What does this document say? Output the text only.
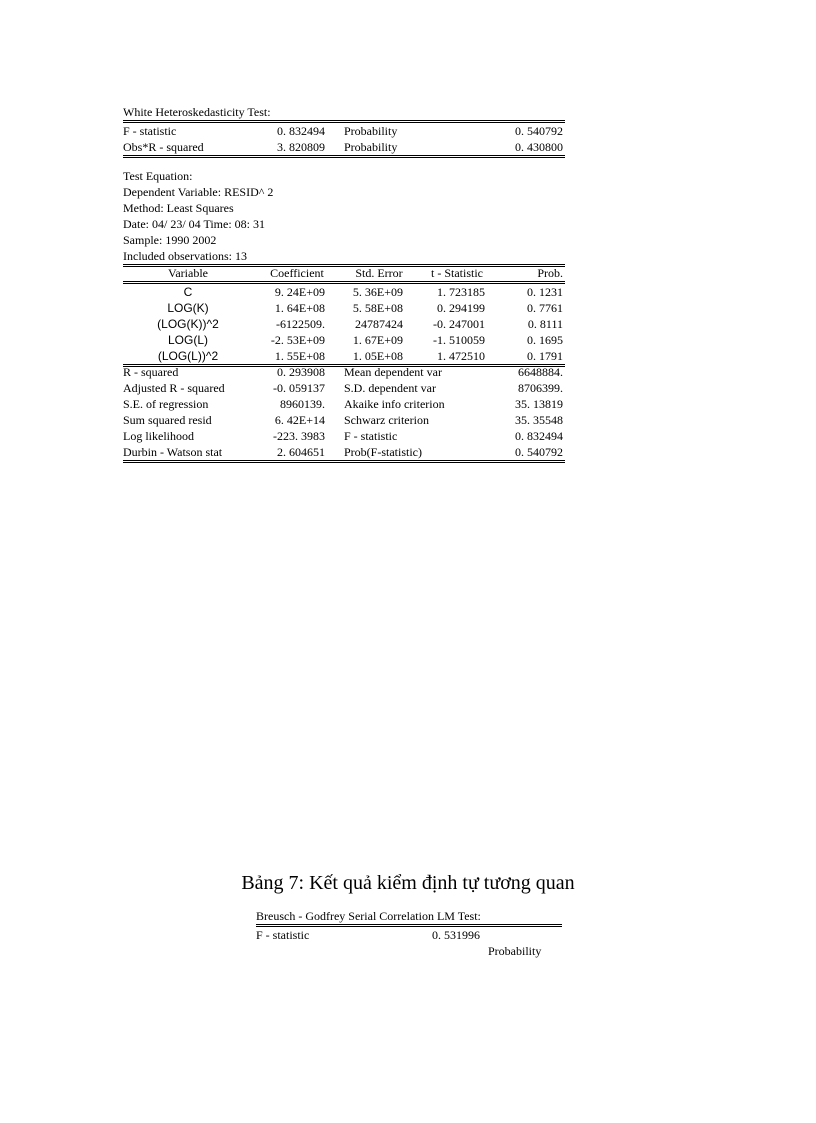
White Heteroskedasticity Test:
F - statistic	0. 832494 Probability	0. 540792
Obs*R - squared	3. 820809 Probability	0. 430800
Test Equation:
Dependent Variable: RESID^ 2
Method: Least Squares
Date: 04/ 23/ 04 Time: 08: 31
Sample: 1990 2002
Included observations: 13
Variable	Coefficient	Std. Error	t - Statistic	Prob.
C	9. 24E+09	5. 36E+09	1. 723185	0. 1231
LOG(K)	1. 64E+08	5. 58E+08	0. 294199	0. 7761
(LOG(K))^2	-6122509.	24787424	-0. 247001	0. 8111
LOG(L)	-2. 53E+09	1. 67E+09	-1. 510059	0. 1695
(LOG(L))^2	1. 55E+08	1. 05E+08	1. 472510	0. 1791
R - squared	0. 293908 Mean dependent var	6648884.
Adjusted R - squared	-0. 059137 S.D. dependent var	8706399.
S.E. of regression	8960139. Akaike info criterion	35. 13819
Sum squared resid	6. 42E+14 Schwarz criterion	35. 35548
Log likelihood	-223. 3983 F - statistic	0. 832494
Durbin - Watson stat	2. 604651 Prob(F-statistic)	0. 540792
Bảng 7: Kết quả kiểm định tự tương quan
Breusch - Godfrey Serial Correlation LM Test:
F - statistic	0. 531996
Probability
